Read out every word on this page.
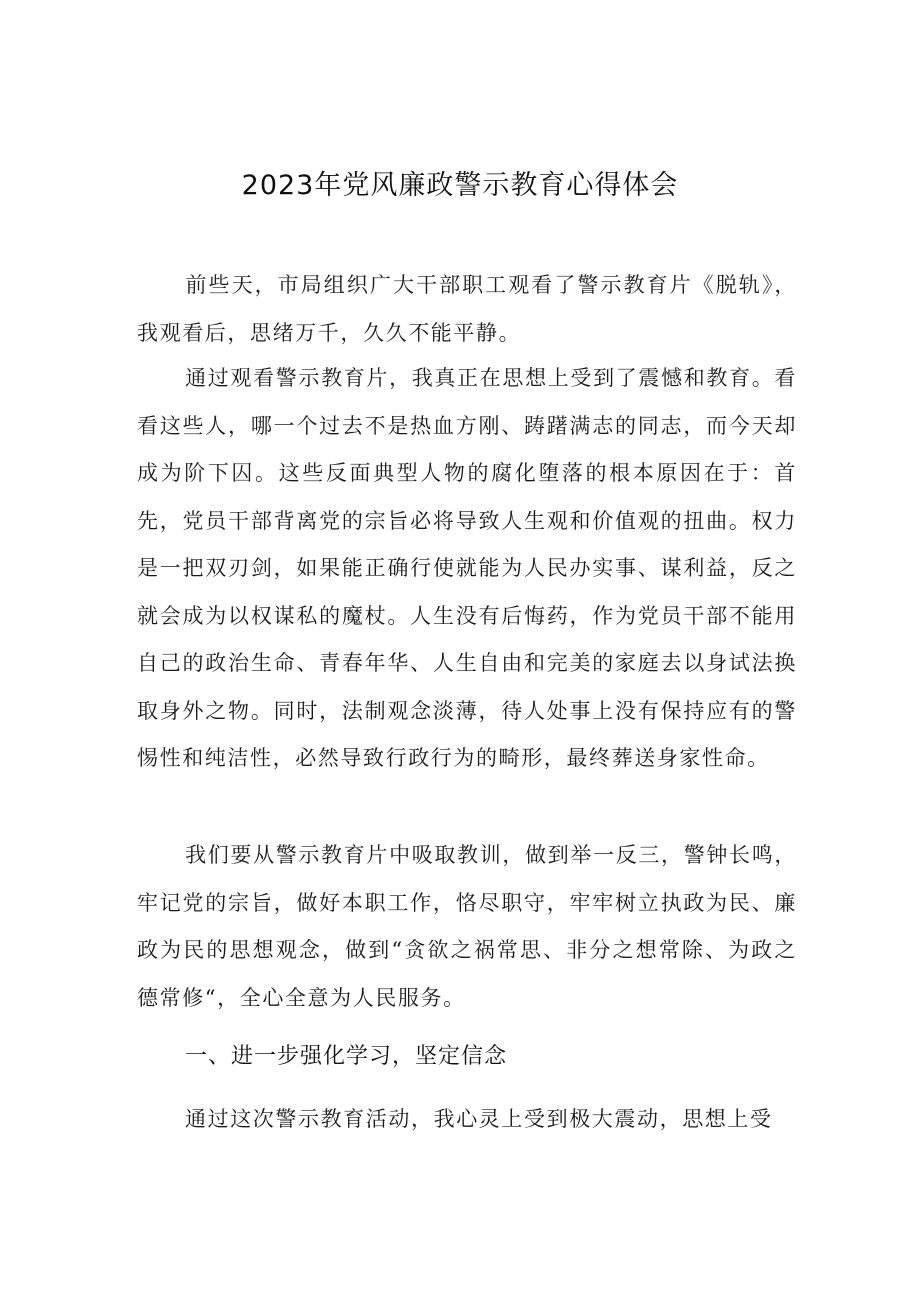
2023年党风廉政警示教育心得体会

前些天，市局组织广大干部职工观看了警示教育片《脱轨》，我观看后，思绪万千，久久不能平静。

通过观看警示教育片，我真正在思想上受到了震憾和教育。看看这些人，哪一个过去不是热血方刚、踌躇满志的同志，而今天却成为阶下囚。这些反面典型人物的腐化堕落的根本原因在于：首先，党员干部背离党的宗旨必将导致人生观和价值观的扭曲。权力是一把双刃剑，如果能正确行使就能为人民办实事、谋利益，反之就会成为以权谋私的魔杖。人生没有后悔药，作为党员干部不能用自己的政治生命、青春年华、人生自由和完美的家庭去以身试法换取身外之物。同时，法制观念淡薄，待人处事上没有保持应有的警惕性和纯洁性，必然导致行政行为的畸形，最终葬送身家性命。

我们要从警示教育片中吸取教训，做到举一反三，警钟长鸣，牢记党的宗旨，做好本职工作，恪尽职守，牢牢树立执政为民、廉政为民的思想观念，做到“贪欲之祸常思、非分之想常除、为政之德常修“，全心全意为人民服务。

一、进一步强化学习，坚定信念

通过这次警示教育活动，我心灵上受到极大震动，思想上受
